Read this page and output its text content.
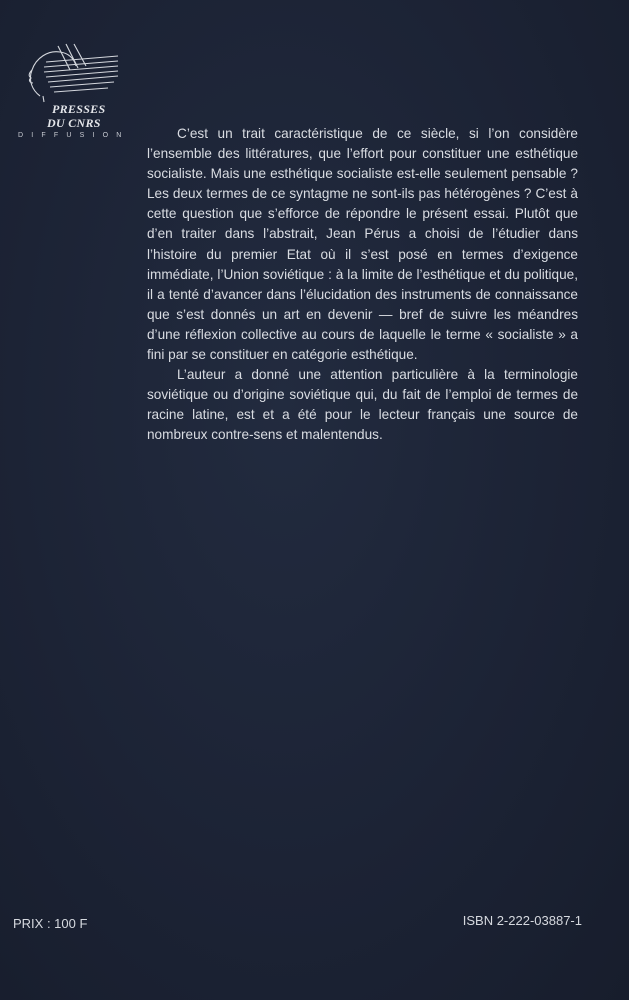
PRESSES
DU CNRS
DIFFUSION	C’est un trait caractéristique de ce siècle, si l’on considère l’ensemble des littératures, que l’effort pour constituer une esthétique socialiste. Mais une esthétique socialiste est-elle seulement pensable ? Les deux termes de ce syntagme ne sont-ils pas hétérogènes ? C’est à cette question que s’efforce de répondre le présent essai. Plutôt que d’en traiter dans l’abstrait, Jean Pérus a choisi de l’étudier dans l’histoire du premier Etat où il s’est posé en termes d’exigence immédiate, l’Union soviétique : à la limite de l’esthétique et du politique, il a tenté d’avancer dans l’élucidation des instruments de connaissance que s’est donnés un art en devenir — bref de suivre les méandres d’une réflexion collective au cours de laquelle le terme « socialiste » a fini par se constituer en catégorie esthétique.

L’auteur a donné une attention particulière à la terminologie soviétique ou d’origine soviétique qui, du fait de l’emploi de termes de racine latine, est et a été pour le lecteur français une source de nombreux contre-sens et malentendus.

PRIX : 100 F	ISBN 2-222-03887-1
